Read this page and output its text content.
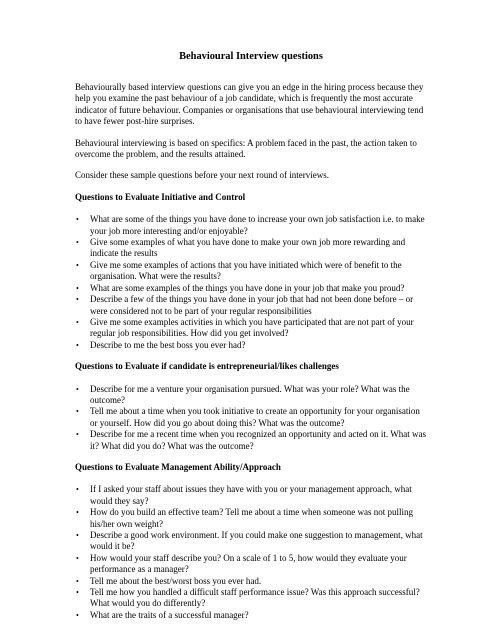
Behavioural Interview questions

Behaviourally based interview questions can give you an edge in the hiring process because they help you examine the past behaviour of a job candidate, which is frequently the most accurate indicator of future behaviour. Companies or organisations that use behavioural interviewing tend to have fewer post-hire surprises.

Behavioural interviewing is based on specifics: A problem faced in the past, the action taken to overcome the problem, and the results attained.

Consider these sample questions before your next round of interviews.

Questions to Evaluate Initiative and Control
• What are some of the things you have done to increase your own job satisfaction i.e. to make your job more interesting and/or enjoyable?
• Give some examples of what you have done to make your own job more rewarding and indicate the results
• Give me some examples of actions that you have initiated which were of benefit to the organisation. What were the results?
• What are some examples of the things you have done in your job that make you proud?
• Describe a few of the things you have done in your job that had not been done before – or were considered not to be part of your regular responsibilities
• Give me some examples activities in which you have participated that are not part of your regular job responsibilities. How did you get involved?
• Describe to me the best boss you ever had?
Questions to Evaluate if candidate is entrepreneurial/likes challenges
• Describe for me a venture your organisation pursued. What was your role? What was the outcome?
• Tell me about a time when you took initiative to create an opportunity for your organisation or yourself. How did you go about doing this? What was the outcome?
• Describe for me a recent time when you recognized an opportunity and acted on it. What was it? What did you do? What was the outcome?
Questions to Evaluate Management Ability/Approach
• If I asked your staff about issues they have with you or your management approach, what would they say?
• How do you build an effective team? Tell me about a time when someone was not pulling his/her own weight?
• Describe a good work environment. If you could make one suggestion to management, what would it be?
• How would your staff describe you? On a scale of 1 to 5, how would they evaluate your performance as a manager?
• Tell me about the best/worst boss you ever had.
• Tell me how you handled a difficult staff performance issue? Was this approach successful? What would you do differently?
• What are the traits of a successful manager?
